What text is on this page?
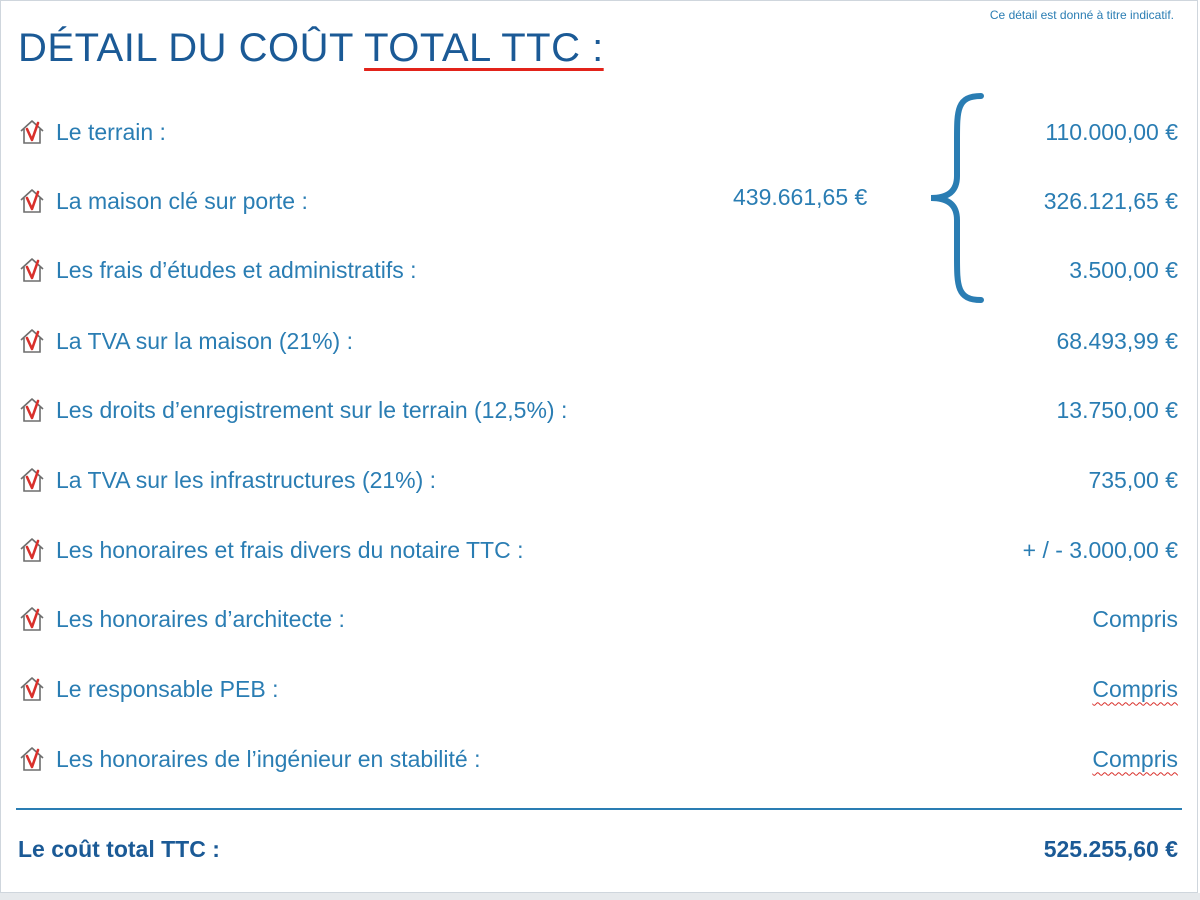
Ce détail est donné à titre indicatif.
DÉTAIL DU COÛT TOTAL TTC :
439.661,65 €
Le terrain :	110.000,00 €
La maison clé sur porte :	326.121,65 €
Les frais d’études et administratifs :	3.500,00 €
La TVA sur la maison (21%) :	68.493,99 €
Les droits d’enregistrement sur le terrain (12,5%) :	13.750,00 €
La TVA sur les infrastructures (21%) :	735,00 €
Les honoraires et frais divers du notaire TTC :	+ / - 3.000,00 €
Les honoraires d’architecte :	Compris
Le responsable PEB :	Compris
Les honoraires de l’ingénieur en stabilité :	Compris
Le coût total TTC :	525.255,60 €
